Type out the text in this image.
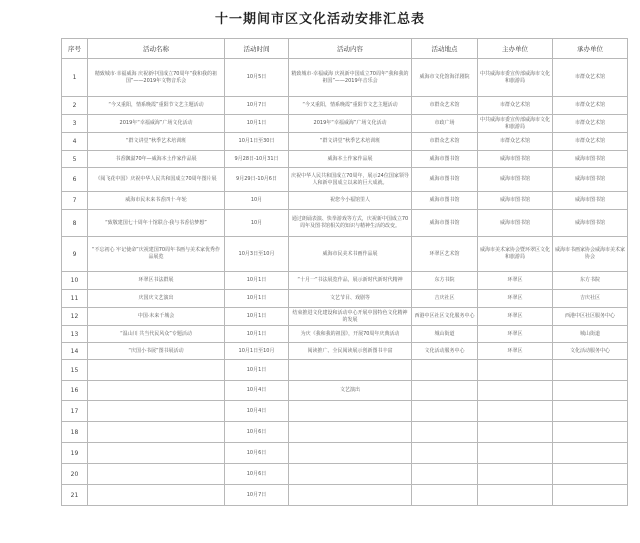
十一期间市区文化活动安排汇总表
序号	活动名称	活动时间	活动内容	活动地点	主办单位	承办单位
1	精致城市·幸福威海 庆祝新中国成立70周年“我和我的祖国”——2019年文物音乐会	10月5日	精致城市·幸福威海 庆祝新中国成立70周年“我和我的祖国”——2019年音乐会	威海市文化馆海洋剧院	中共威海市委宣传部威海市文化和旅游局	市群众艺术馆
2	“今又重阳，情系晚霞”重阳节文艺主题活动	10月7日	“今又重阳，情系晚霞”重阳节文艺主题活动	市群众艺术馆	市群众艺术馆	市群众艺术馆
3	2019年“幸福威海”广场文化活动	10月1日	2019年“幸福威海”广场文化活动	市政广场	中共威海市委宣传部威海市文化和旅游局	市群众艺术馆
4	“群文讲堂”秋季艺术培训班	10月1日至30日	“群文讲堂”秋季艺术培训班	市群众艺术馆	市群众艺术馆	市群众艺术馆
5	书香飘溢70年—威海本土作家作品展	9月28日-10月31日	威海本土作家作品展	威海市图书馆	威海市图书馆	威海市图书馆
6	《阅飞花中国》庆祝中华人民共和国成立70周年图片展	9月29日-10月6日	庆祝中华人民共和国成立70周年，展示24位国家领导人和新中国成立以来的巨大成就。	威海市图书馆	威海市图书馆	威海市图书馆
7	威海市民未来书香四十·年轮	10月	祝您今小福馆里人	威海市图书馆	威海市图书馆	威海市图书馆
8	“致敬建国七十周年十馆联合·我与书香信梦想”	10月	通过朗诵表演、快拳游戏等方式，庆祝新中国成立70周年及图书馆相关的知识与精神生活的改变。	威海市图书馆	威海市图书馆	威海市图书馆
9	“不忘初心 牢记使命”庆祝建国70周年书画与美术家优秀作品展览	10月3日至10月	威海市民美术书画作品展	环翠区艺术馆	威海市美术家协会暨环翠区文化和旅游局	威海市书画家协会威海市美术家协会
10	环翠区书法群展	10月1日	“十月一”书法展览作品，展示新时代新时代精神	东方书院	环翠区	东方书院
11	庆国庆文艺演出	10月1日	文艺节目、戏剧等	吉庆社区	环翠区	吉庆社区
12	中国·未来千城会	10月1日	结束推进文化建设和活动中心开展中国特色文化精神的发展	西港中区社区文化服务中心	环翠区	西港中区社区服务中心
13	“温山川 共当代民风众”专题活动	10月1日	为庆《我和我的祖国》，开展70周年庆典活动	城山街道	环翠区	城山街道
14	“庆国小书展”图书展活动	10月1日至10月	阅读推广、全民阅读展示创新图书丰富	文化活动服务中心	环翠区	文化活动服务中心
15		10月1日				
16		10月4日	文艺演出			
17		10月4日				
18		10月6日				
19		10月6日				
20		10月6日				
21		10月7日				
